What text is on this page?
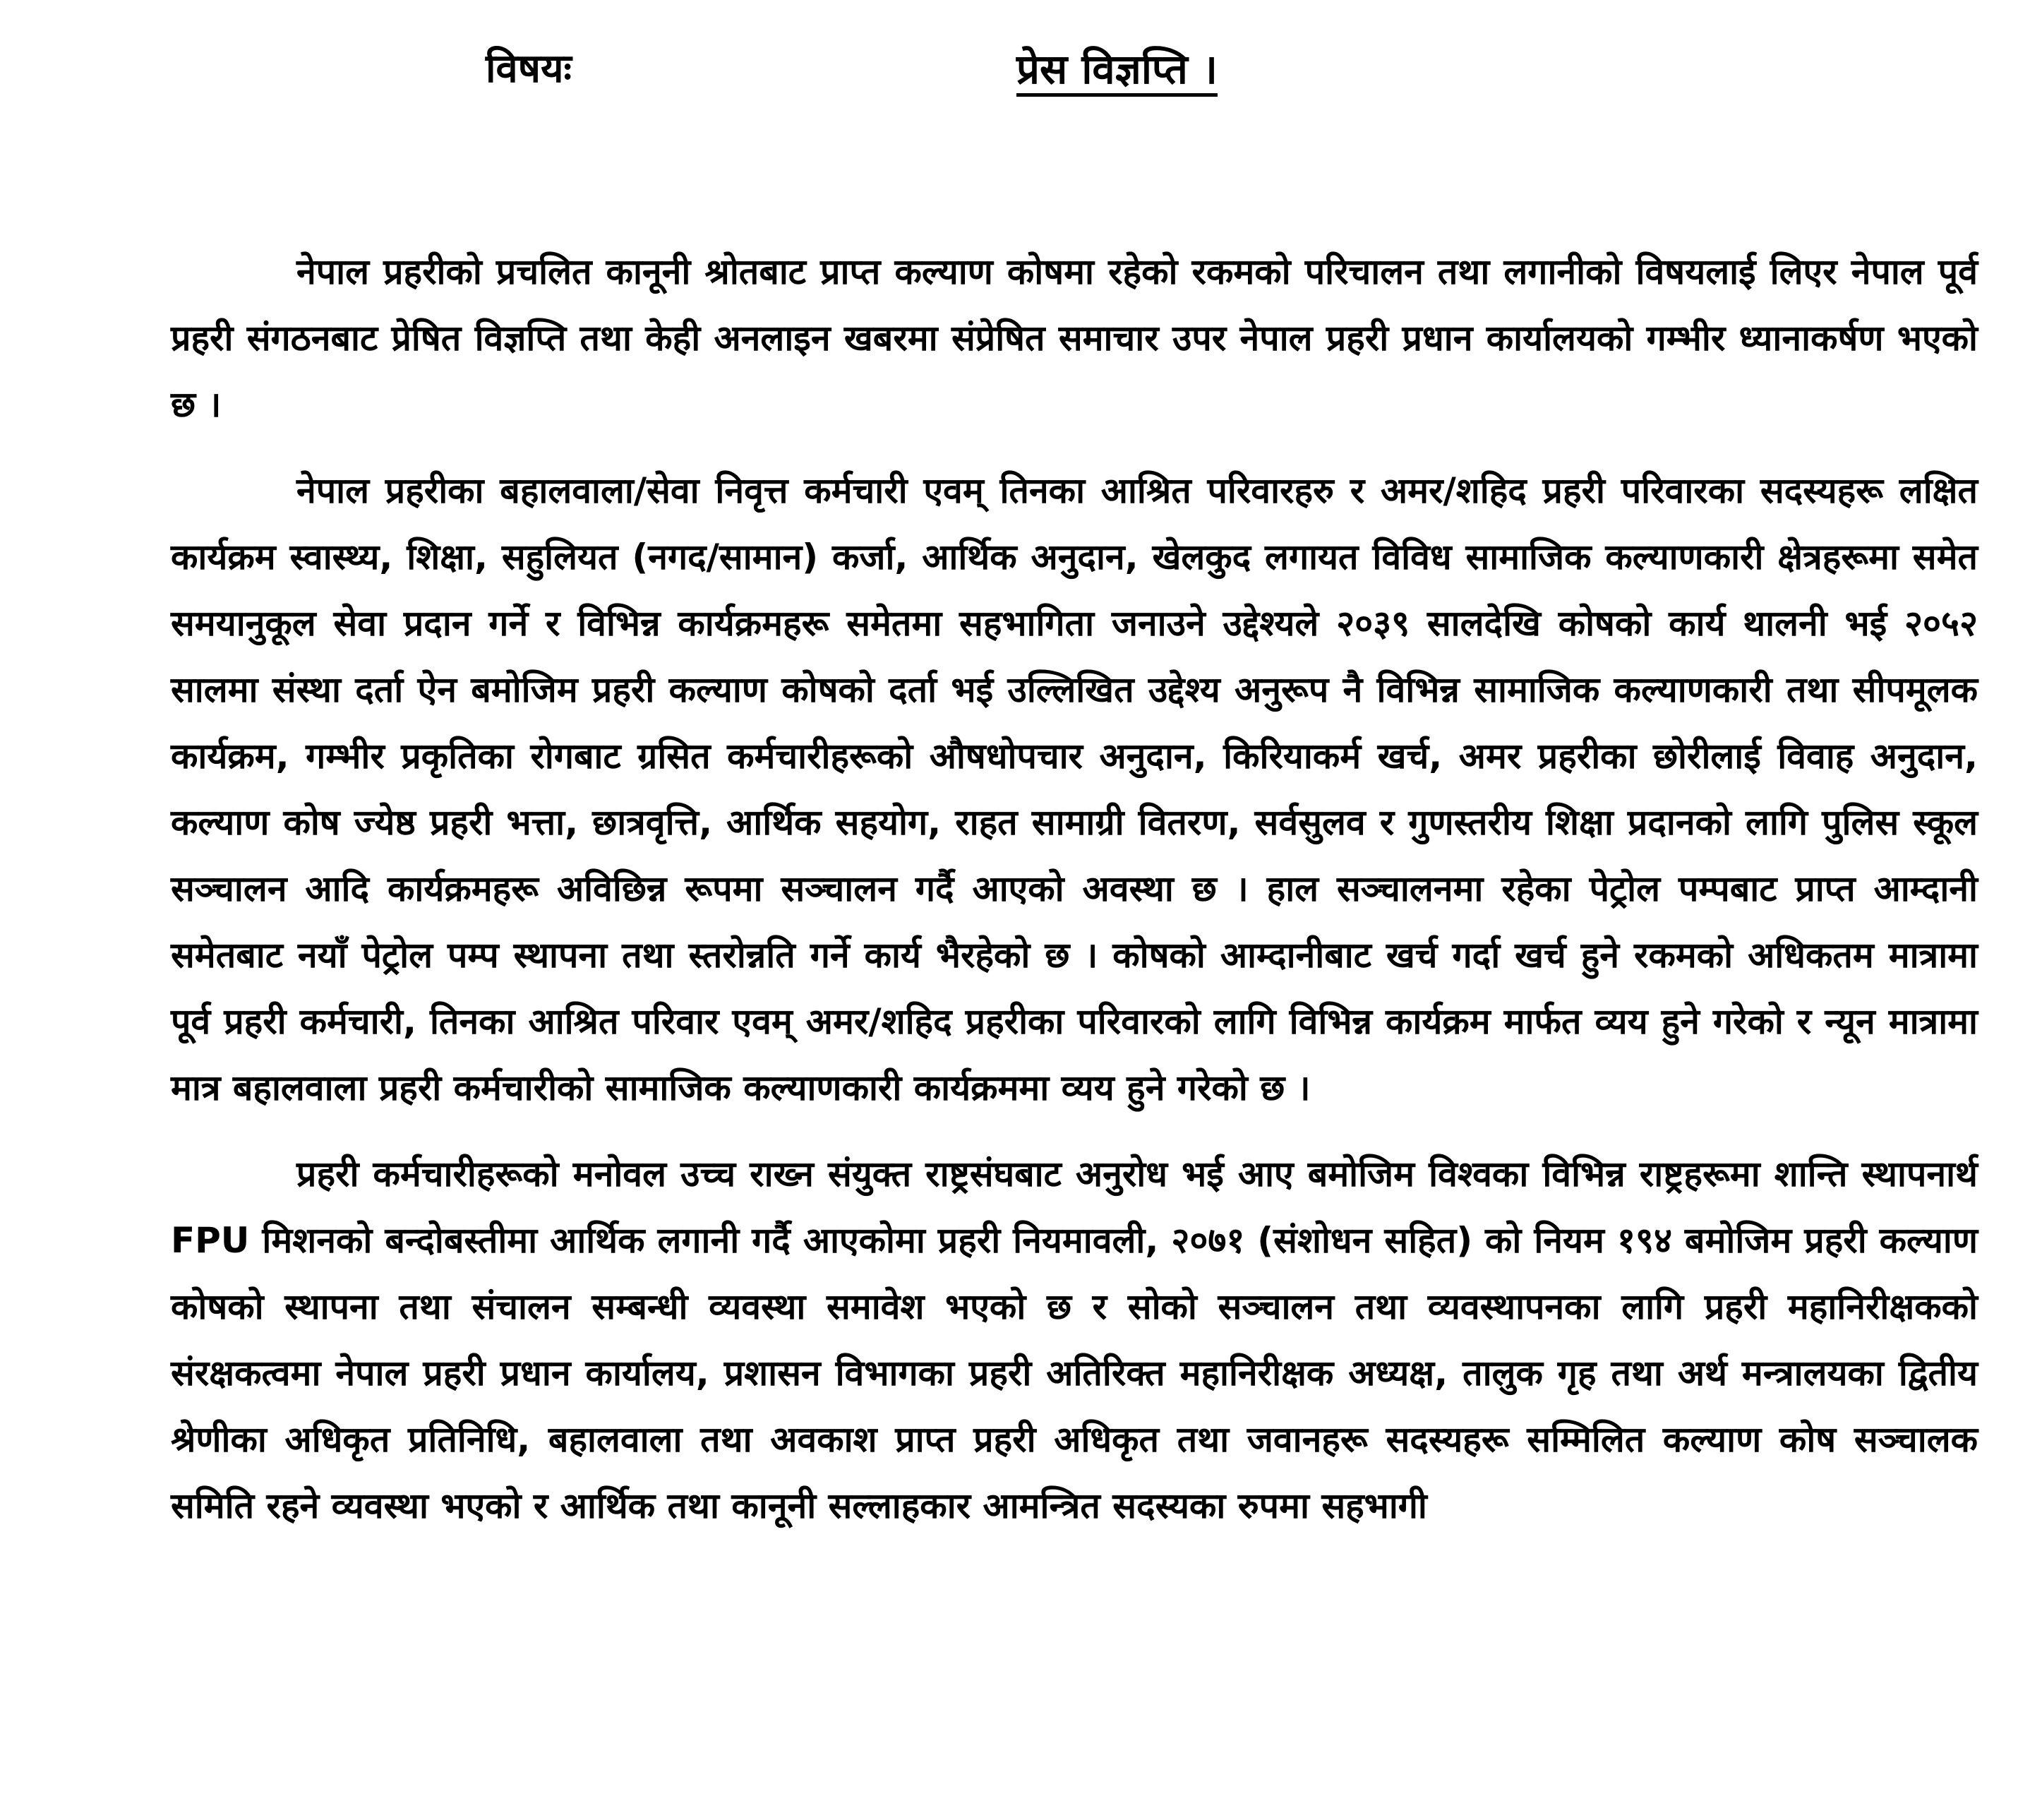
विषयः	प्रेस विज्ञप्ति ।

नेपाल प्रहरीको प्रचलित कानूनी श्रोतबाट प्राप्त कल्याण कोषमा रहेको रकमको परिचालन तथा लगानीको विषयलाई लिएर नेपाल पूर्व प्रहरी संगठनबाट प्रेषित विज्ञप्ति तथा केही अनलाइन खबरमा संप्रेषित समाचार उपर नेपाल प्रहरी प्रधान कार्यालयको गम्भीर ध्यानाकर्षण भएको छ ।

नेपाल प्रहरीका बहालवाला/सेवा निवृत्त कर्मचारी एवम् तिनका आश्रित परिवारहरु र अमर/शहिद प्रहरी परिवारका सदस्यहरू लक्षित कार्यक्रम स्वास्थ्य, शिक्षा, सहुलियत (नगद/सामान) कर्जा, आर्थिक अनुदान, खेलकुद लगायत विविध सामाजिक कल्याणकारी क्षेत्रहरूमा समेत समयानुकूल सेवा प्रदान गर्ने र विभिन्न कार्यक्रमहरू समेतमा सहभागिता जनाउने उद्देश्यले २०३९ सालदेखि कोषको कार्य थालनी भई २०५२ सालमा संस्था दर्ता ऐन बमोजिम प्रहरी कल्याण कोषको दर्ता भई उल्लिखित उद्देश्य अनुरूप नै विभिन्न सामाजिक कल्याणकारी तथा सीपमूलक कार्यक्रम, गम्भीर प्रकृतिका रोगबाट ग्रसित कर्मचारीहरूको औषधोपचार अनुदान, किरियाकर्म खर्च, अमर प्रहरीका छोरीलाई विवाह अनुदान, कल्याण कोष ज्येष्ठ प्रहरी भत्ता, छात्रवृत्ति, आर्थिक सहयोग, राहत सामाग्री वितरण, सर्वसुलव र गुणस्तरीय शिक्षा प्रदानको लागि पुलिस स्कूल सञ्चालन आदि कार्यक्रमहरू अविछिन्न रूपमा सञ्चालन गर्दै आएको अवस्था छ । हाल सञ्चालनमा रहेका पेट्रोल पम्पबाट प्राप्त आम्दानी समेतबाट नयाँ पेट्रोल पम्प स्थापना तथा स्तरोन्नति गर्ने कार्य भैरहेको छ । कोषको आम्दानीबाट खर्च गर्दा खर्च हुने रकमको अधिकतम मात्रामा पूर्व प्रहरी कर्मचारी, तिनका आश्रित परिवार एवम् अमर/शहिद प्रहरीका परिवारको लागि विभिन्न कार्यक्रम मार्फत व्यय हुने गरेको र न्यून मात्रामा मात्र बहालवाला प्रहरी कर्मचारीको सामाजिक कल्याणकारी कार्यक्रममा व्यय हुने गरेको छ ।

प्रहरी कर्मचारीहरूको मनोवल उच्च राख्न संयुक्त राष्ट्रसंघबाट अनुरोध भई आए बमोजिम विश्वका विभिन्न राष्ट्रहरूमा शान्ति स्थापनार्थ FPU मिशनको बन्दोबस्तीमा आर्थिक लगानी गर्दै आएकोमा प्रहरी नियमावली, २०७१ (संशोधन सहित) को नियम १९४ बमोजिम प्रहरी कल्याण कोषको स्थापना तथा संचालन सम्बन्धी व्यवस्था समावेश भएको छ र सोको सञ्चालन तथा व्यवस्थापनका लागि प्रहरी महानिरीक्षकको संरक्षकत्वमा नेपाल प्रहरी प्रधान कार्यालय, प्रशासन विभागका प्रहरी अतिरिक्त महानिरीक्षक अध्यक्ष, तालुक गृह तथा अर्थ मन्त्रालयका द्वितीय श्रेणीका अधिकृत प्रतिनिधि, बहालवाला तथा अवकाश प्राप्त प्रहरी अधिकृत तथा जवानहरू सदस्यहरू सम्मिलित कल्याण कोष सञ्चालक समिति रहने व्यवस्था भएको र आर्थिक तथा कानूनी सल्लाहकार आमन्त्रित सदस्यका रुपमा सहभागी
